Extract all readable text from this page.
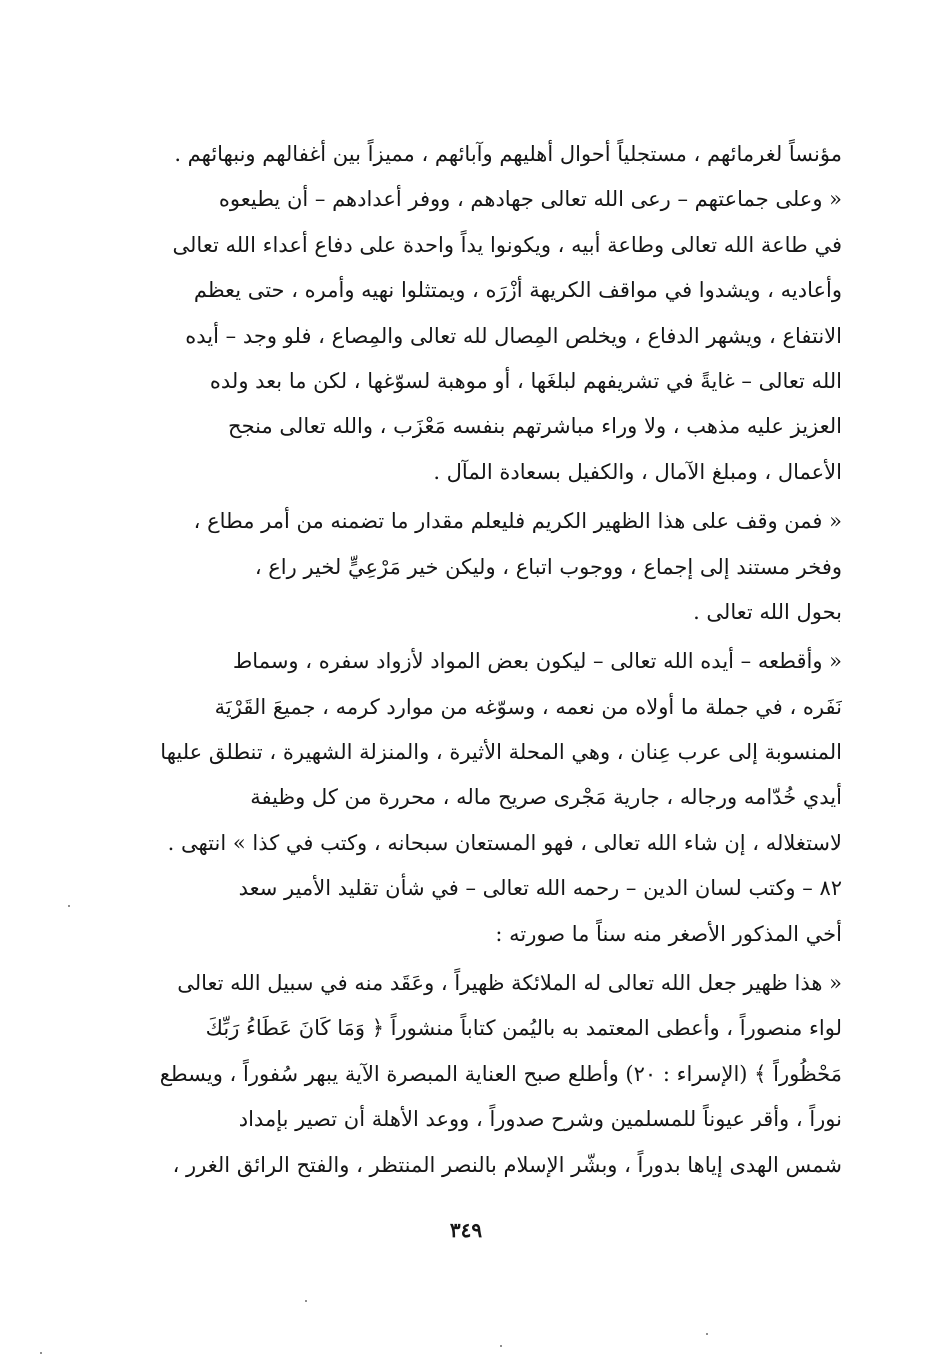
مؤنساً لغرمائهم ، مستجلياً أحوال أهليهم وآبائهم ، مميزاً بين أغفالهم ونبهائهم .
« وعلى جماعتهم – رعى الله تعالى جهادهم ، ووفر أعدادهم – أن يطيعوه
في طاعة الله تعالى وطاعة أبيه ، ويكونوا يداً واحدة على دفاع أعداء الله تعالى
وأعاديه ، ويشدوا في مواقف الكريهة أزْرَه ، ويمتثلوا نهيه وأمره ، حتى يعظم
الانتفاع ، ويشهر الدفاع ، ويخلص المِصال لله تعالى والمِصاع ، فلو وجد – أيده
الله تعالى – غايةً في تشريفهم لبلغَها ، أو موهبة لسوّغها ، لكن ما بعد ولده
العزيز عليه مذهب ، ولا وراء مباشرتهم بنفسه مَعْزَب ، والله تعالى منجح
الأعمال ، ومبلغ الآمال ، والكفيل بسعادة المآل .
« فمن وقف على هذا الظهير الكريم فليعلم مقدار ما تضمنه من أمر مطاع ،
وفخر مستند إلى إجماع ، ووجوب اتباع ، وليكن خير مَرْعِيٍّ لخير راع ،
بحول الله تعالى .
« وأقطعه – أيده الله تعالى – ليكون بعض المواد لأزواد سفره ، وسماط
نَفَره ، في جملة ما أولاه من نعمه ، وسوّغه من موارد كرمه ، جميعَ القَرْيَة
المنسوبة إلى عرب عِنان ، وهي المحلة الأثيرة ، والمنزلة الشهيرة ، تنطلق عليها
أيدي خُدّامه ورجاله ، جارية مَجْرى صريح ماله ، محررة من كل وظيفة
لاستغلاله ، إن شاء الله تعالى ، فهو المستعان سبحانه ، وكتب في كذا » انتهى .
٨٢ – وكتب لسان الدين – رحمه الله تعالى – في شأن تقليد الأمير سعد
أخي المذكور الأصغر منه سناً ما صورته :
« هذا ظهير جعل الله تعالى له الملائكة ظهيراً ، وعَقَد منه في سبيل الله تعالى
لواء منصوراً ، وأعطى المعتمد به باليُمن كتاباً منشوراً ﴿ وَمَا كَانَ عَطَاءُ رَبِّكَ
مَحْظُوراً ﴾ (الإسراء : ٢٠) وأطلع صبح العناية المبصرة الآية يبهر سُفوراً ، ويسطع
نوراً ، وأقر عيوناً للمسلمين وشرح صدوراً ، ووعد الأهلة أن تصير بإمداد
شمس الهدى إياها بدوراً ، وبشّر الإسلام بالنصر المنتظر ، والفتح الرائق الغرر ،
٣٤٩
